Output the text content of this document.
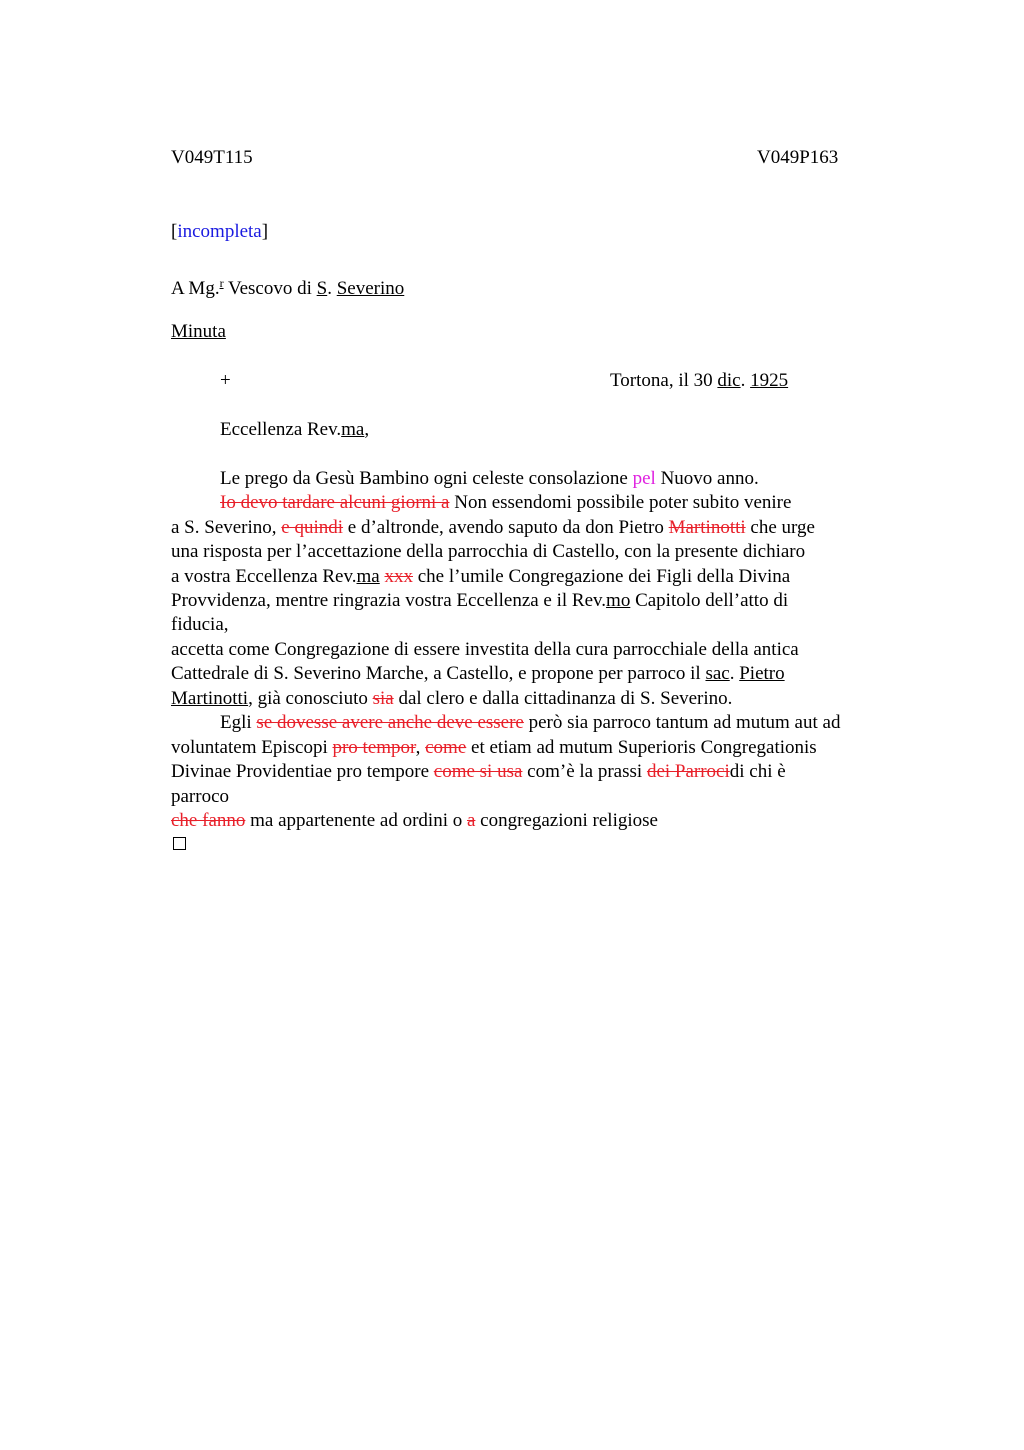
V049T115	V049P163
[incompleta]
A Mg.$^r$ Vescovo di S. Severino
Minuta
+	Tortona, il 30 dic. 1925
Eccellenza Rev.ma,
Le prego da Gesù Bambino ogni celeste consolazione pel Nuovo anno.
Io devo tardare alcuni giorni a Non essendomi possibile poter subito venire
a S. Severino, e quindi e d’altronde, avendo saputo da don Pietro Martinotti che urge
una risposta per l’accettazione della parrocchia di Castello, con la presente dichiaro
a vostra Eccellenza Rev.ma xxx che l’umile Congregazione dei Figli della Divina
Provvidenza, mentre ringrazia vostra Eccellenza e il Rev.mo Capitolo dell’atto di
fiducia,
accetta come Congregazione di essere investita della cura parrocchiale della antica
Cattedrale di S. Severino Marche, a Castello, e propone per parroco il sac. Pietro
Martinotti, già conosciuto sia dal clero e dalla cittadinanza di S. Severino.
Egli se dovesse avere anche deve essere però sia parroco tantum ad mutum aut ad
voluntatem Episcopi pro tempor, come et etiam ad mutum Superioris Congregationis
Divinae Providentiae pro tempore come si usa com’è la prassi dei Parrocidi chi è
parroco
che fanno ma appartenente ad ordini o a congregazioni religiose
